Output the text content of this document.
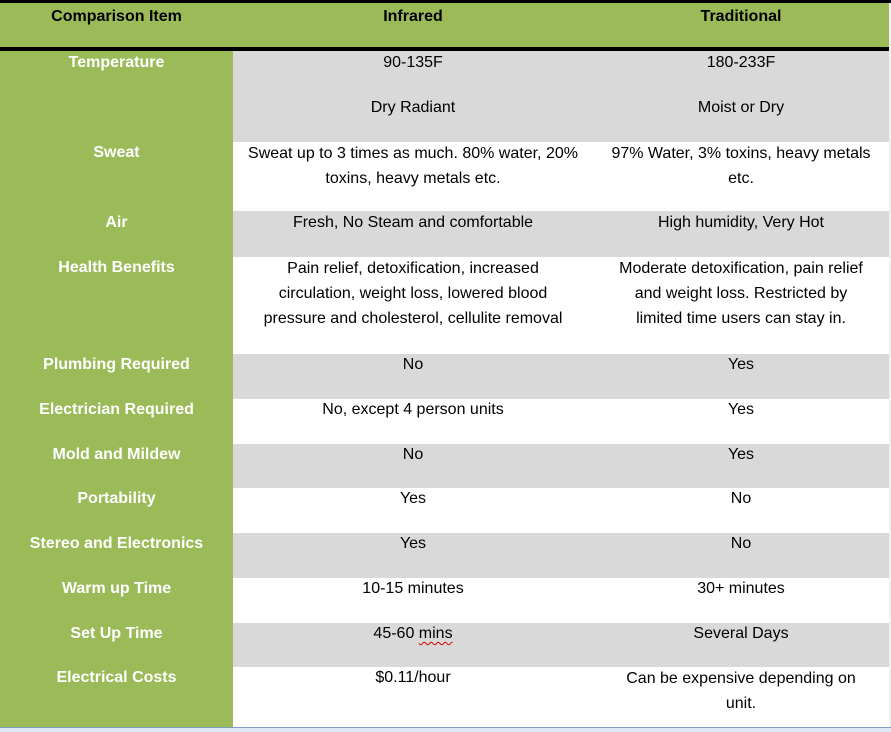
Comparison Item	Infrared	Traditional
Temperature
Sweat
Air
Health Benefits
Plumbing Required
Electrician Required
Mold and Mildew
Portability
Stereo and Electronics
Warm up Time
Set Up Time
Electrical Costs
90-135F
Dry Radiant
Sweat up to 3 times as much. 80% water, 20% toxins, heavy metals etc.
Fresh, No Steam and comfortable
Pain relief, detoxification, increased circulation, weight loss, lowered blood pressure and cholesterol, cellulite removal
No
No, except 4 person units
No
Yes
Yes
10-15 minutes
45-60 mins
$0.11/hour
180-233F
Moist or Dry
97% Water, 3% toxins, heavy metals etc.
High humidity, Very Hot
Moderate detoxification, pain relief and weight loss. Restricted by limited time users can stay in.
Yes
Yes
Yes
No
No
30+ minutes
Several Days
Can be expensive depending on unit.
